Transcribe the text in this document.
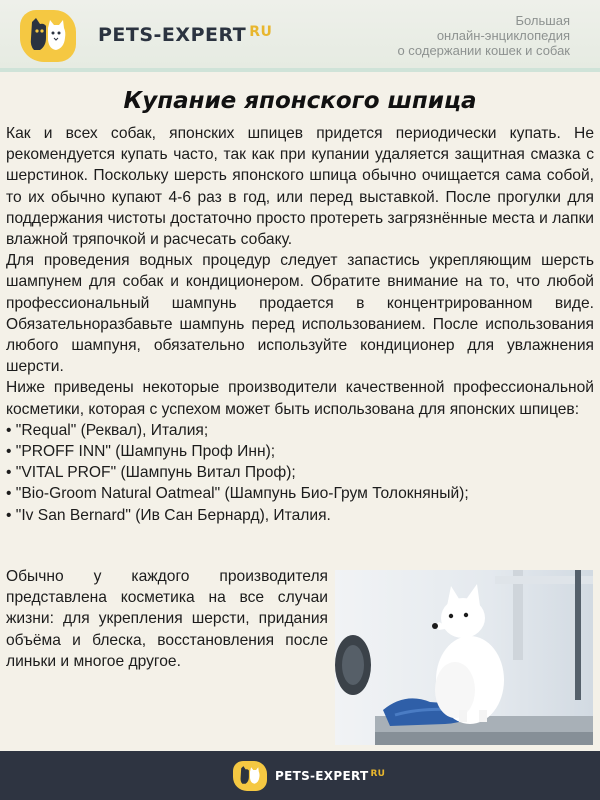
PETS-EXPERT $^{RU}$
Большая
онлайн-энциклопедия
о содержании кошек и собак
Купание японского шпица

Как и всех собак, японских шпицев придется периодически купать. Не рекомендуется купать часто, так как при купании удаляется защитная смазка с шерстинок. Поскольку шерсть японского шпица обычно очищается сама собой, то их обычно купают 4-6 раз в год, или перед выставкой. После прогулки для поддержания чистоты достаточно просто протереть загрязнённые места и лапки влажной тряпочкой и расчесать собаку.

Для проведения водных процедур следует запастись укрепляющим шерсть шампунем для собак и кондиционером. Обратите внимание на то, что любой профессиональный шампунь продается в концентрированном виде. Обязательноразбавьте шампунь перед использованием. После использования любого шампуня, обязательно используйте кондиционер для увлажнения шерсти.

Ниже приведены некоторые производители качественной профессиональной косметики, которая с успехом может быть использована для японских шпицев:

• "Requal" (Реквал), Италия;
• "PROFF INN" (Шампунь Проф Инн);
• "VITAL PROF" (Шампунь Витал Проф);
• "Bio-Groom Natural Oatmeal" (Шампунь Био-Грум Толокняный);
• "Iv San Bernard" (Ив Сан Бернард), Италия.

Обычно у каждого производителя представлена косметика на все случаи жизни: для укрепления шерсти, придания объёма и блеска, восстановления после линьки и многое другое.

PETS-EXPERT $^{RU}$
